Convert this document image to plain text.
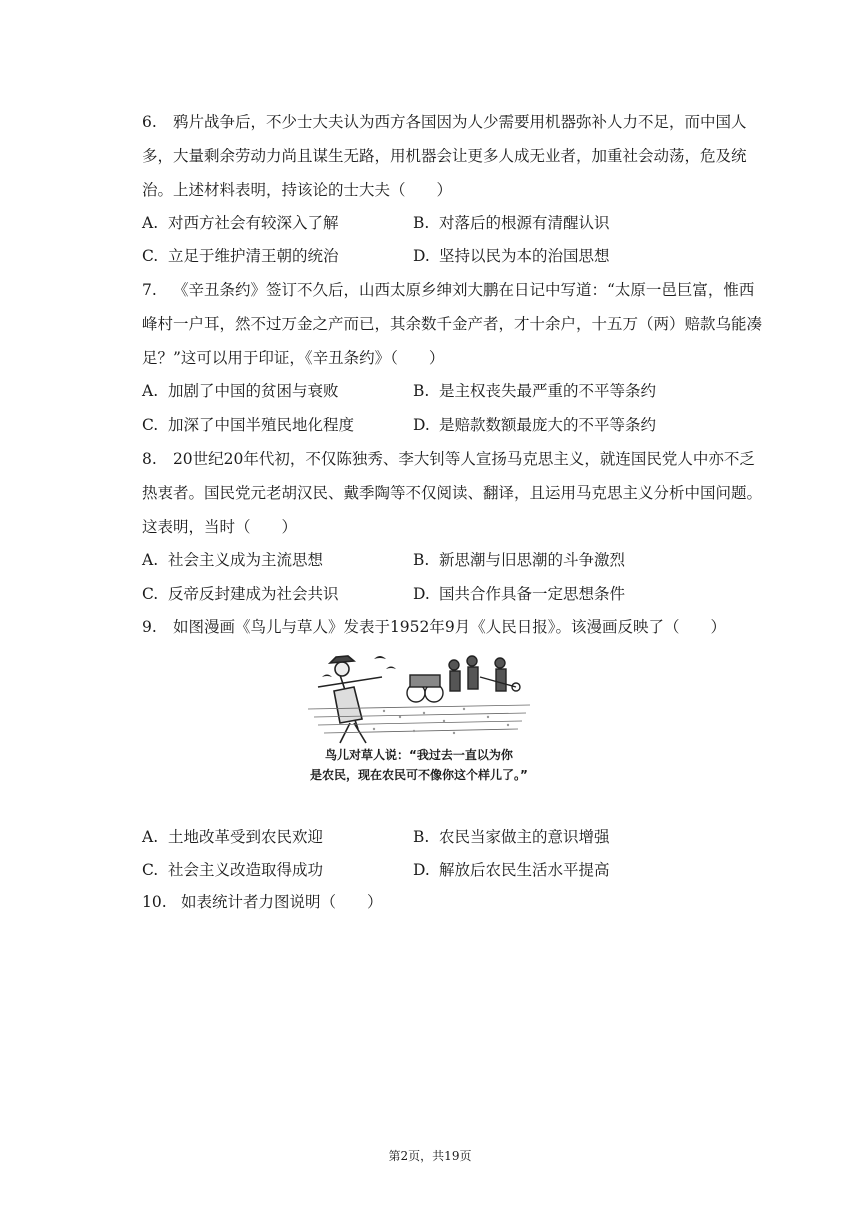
6. 鸦片战争后，不少士大夫认为西方各国因为人少需要用机器弥补人力不足，而中国人多，大量剩余劳动力尚且谋生无路，用机器会让更多人成无业者，加重社会动荡，危及统治。上述材料表明，持该论的士大夫（　　）
A. 对西方社会有较深入了解	B. 对落后的根源有清醒认识
C. 立足于维护清王朝的统治	D. 坚持以民为本的治国思想
7. 《辛丑条约》签订不久后，山西太原乡绅刘大鹏在日记中写道：“太原一邑巨富，惟西峰村一户耳，然不过万金之产而已，其余数千金产者，才十余户，十五万（两）赔款乌能凑足？”这可以用于印证，《辛丑条约》（　　）
A. 加剧了中国的贫困与衰败	B. 是主权丧失最严重的不平等条约
C. 加深了中国半殖民地化程度	D. 是赔款数额最庞大的不平等条约
8. 20世纪20年代初，不仅陈独秀、李大钊等人宣扬马克思主义，就连国民党人中亦不乏热衷者。国民党元老胡汉民、戴季陶等不仅阅读、翻译，且运用马克思主义分析中国问题。这表明，当时（　　）
A. 社会主义成为主流思想	B. 新思潮与旧思潮的斗争激烈
C. 反帝反封建成为社会共识	D. 国共合作具备一定思想条件
9. 如图漫画《鸟儿与草人》发表于1952年9月《人民日报》。该漫画反映了（　　）
鸟儿对草人说：“我过去一直以为你
是农民，现在农民可不像你这个样儿了。”
A. 土地改革受到农民欢迎	B. 农民当家做主的意识增强
C. 社会主义改造取得成功	D. 解放后农民生活水平提高
10. 如表统计者力图说明（　　）
第2页，共19页
